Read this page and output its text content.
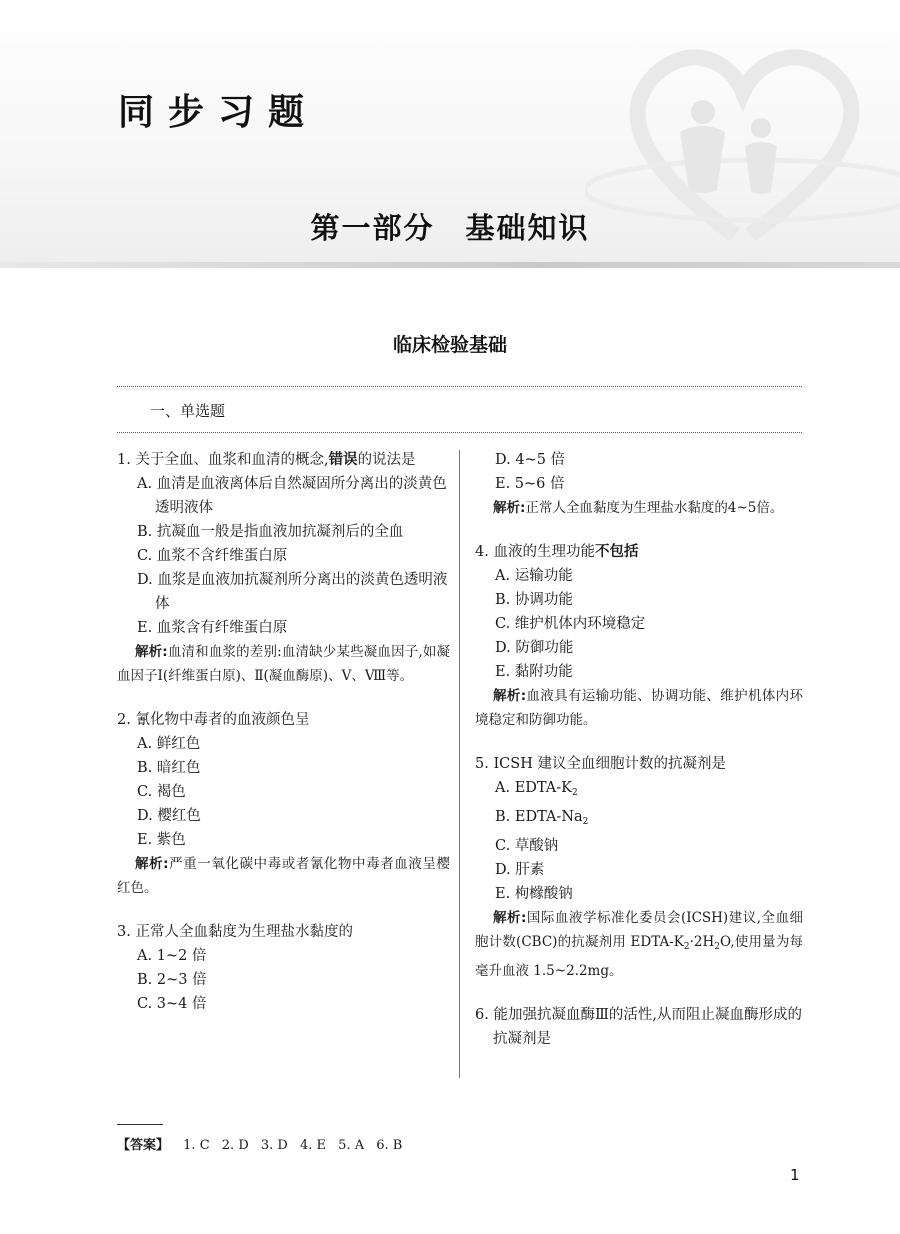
同步习题
第一部分　基础知识
临床检验基础
一、单选题
1. 关于全血、血浆和血清的概念,错误的说法是
A. 血清是血液离体后自然凝固所分离出的淡黄色透明液体
B. 抗凝血一般是指血液加抗凝剂后的全血
C. 血浆不含纤维蛋白原
D. 血浆是血液加抗凝剂所分离出的淡黄色透明液体
E. 血浆含有纤维蛋白原
解析:血清和血浆的差别:血清缺少某些凝血因子,如凝血因子Ⅰ(纤维蛋白原)、Ⅱ(凝血酶原)、Ⅴ、Ⅷ等。
2. 氰化物中毒者的血液颜色呈
A. 鲜红色
B. 暗红色
C. 褐色
D. 樱红色
E. 紫色
解析:严重一氧化碳中毒或者氰化物中毒者血液呈樱红色。
3. 正常人全血黏度为生理盐水黏度的
A. 1~2 倍
B. 2~3 倍
C. 3~4 倍
D. 4~5 倍
E. 5~6 倍
解析:正常人全血黏度为生理盐水黏度的4~5倍。
4. 血液的生理功能不包括
A. 运输功能
B. 协调功能
C. 维护机体内环境稳定
D. 防御功能
E. 黏附功能
解析:血液具有运输功能、协调功能、维护机体内环境稳定和防御功能。
5. ICSH 建议全血细胞计数的抗凝剂是
A. EDTA-$K_2$
B. EDTA-$Na_2$
C. 草酸钠
D. 肝素
E. 枸橼酸钠
解析:国际血液学标准化委员会(ICSH)建议,全血细胞计数(CBC)的抗凝剂用 EDTA-$K_2\cdot 2H_2O$,使用量为每毫升血液 1.5~2.2mg。
6. 能加强抗凝血酶Ⅲ的活性,从而阻止凝血酶形成的抗凝剂是
【答案】 1. C 2. D 3. D 4. E 5. A 6. B
1
